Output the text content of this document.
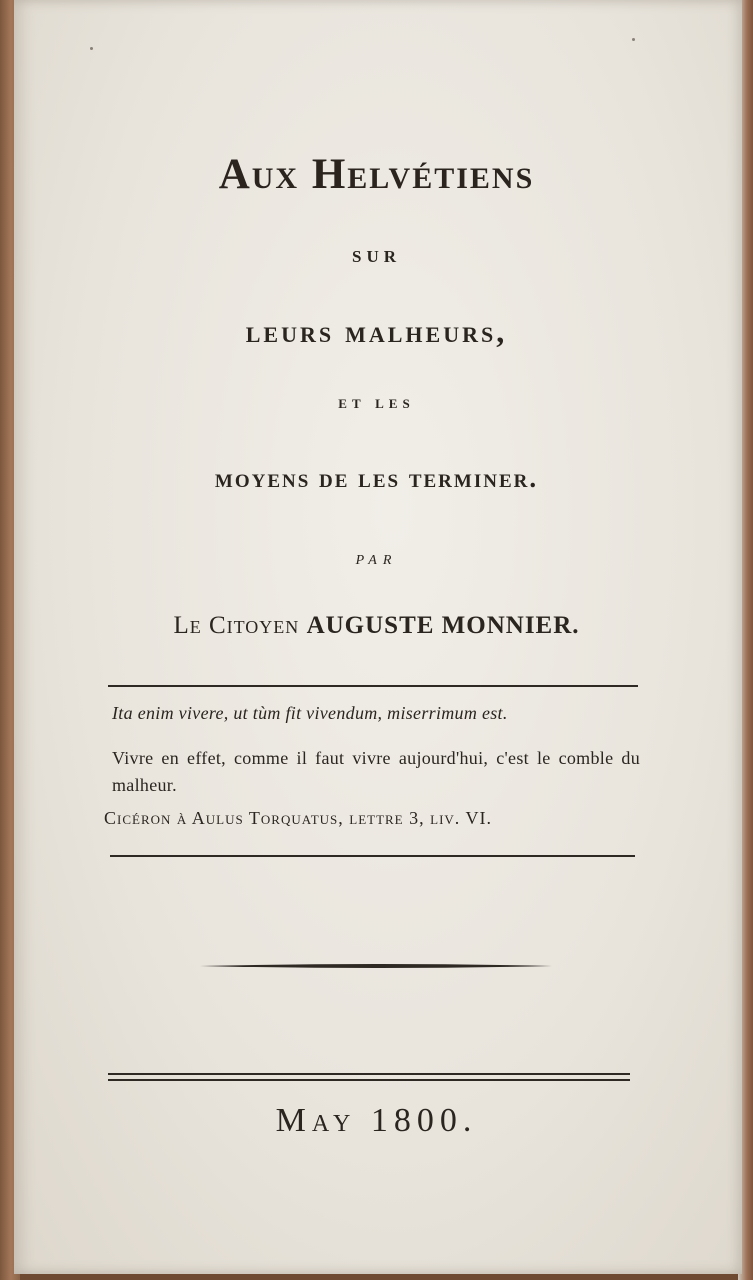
Aux Helvétiens
sur
leurs malheurs,
et les
moyens de les terminer.
par
Le Citoyen AUGUSTE MONNIER.
Ita enim vivere, ut tùm fit vivendum, miserrimum est.
Vivre en effet, comme il faut vivre aujourd'hui, c'est le comble du malheur.
Cicéron à Aulus Torquatus, lettre 3, liv. VI.
May 1800.
